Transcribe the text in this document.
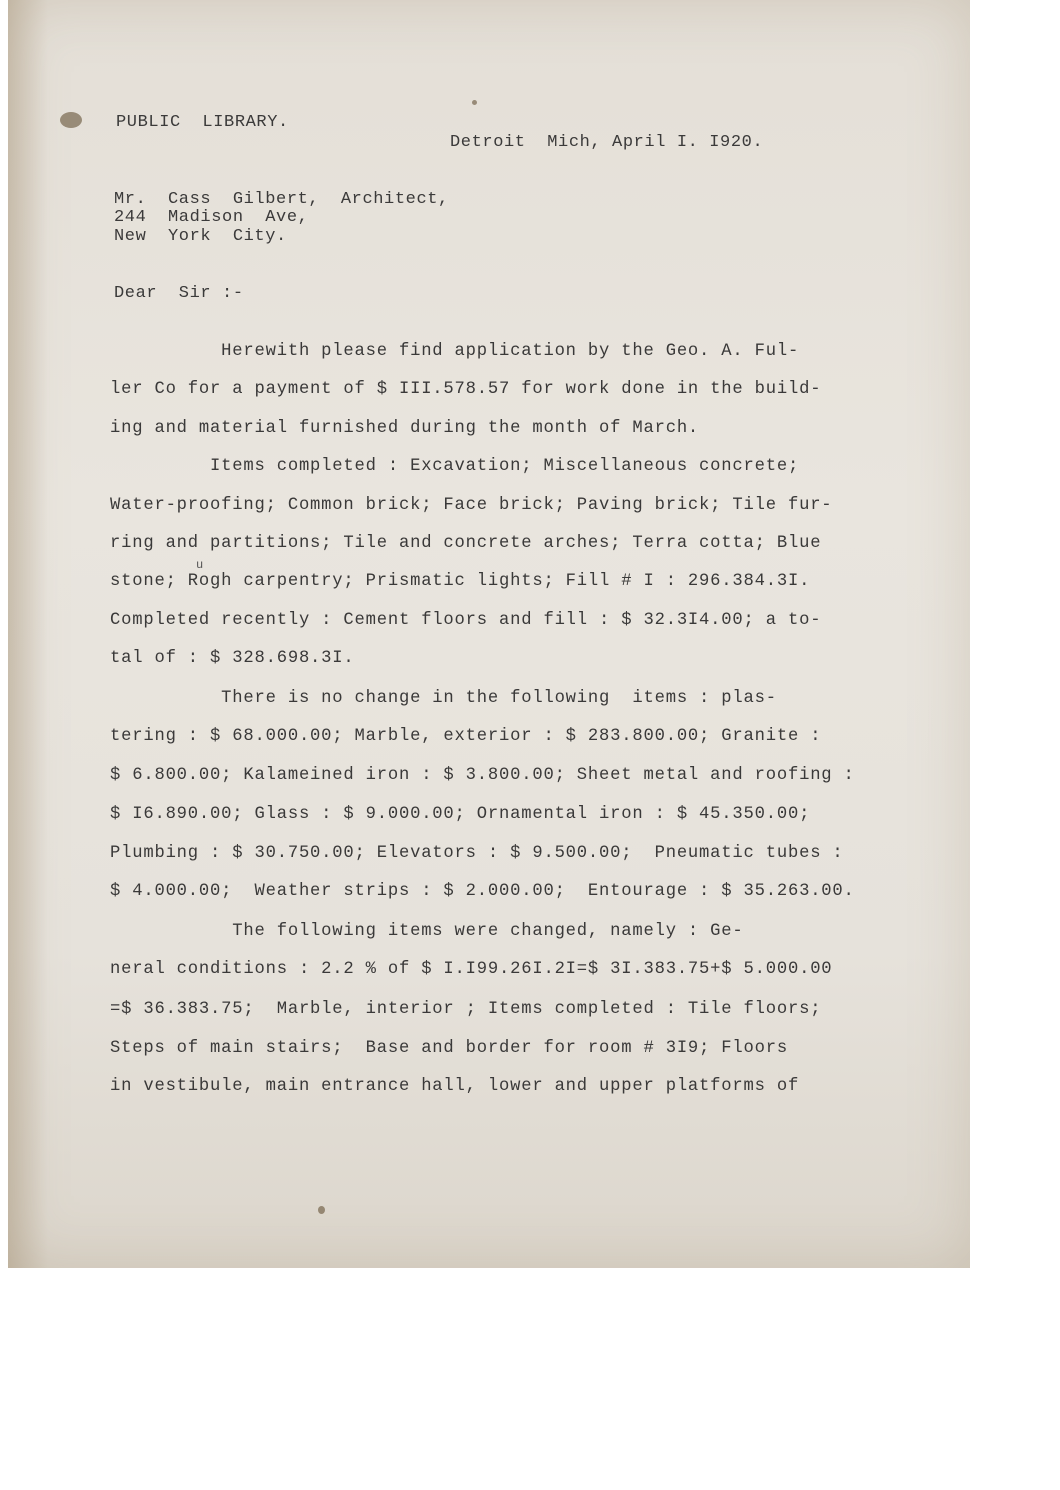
PUBLIC  LIBRARY.
Detroit  Mich, April I. I920.
Mr.  Cass  Gilbert,  Architect,
244  Madison  Ave,
New  York  City.
Dear  Sir :-
Herewith please find application by the Geo. A. Ful-
ler Co for a payment of $ III.578.57 for work done in the build-
ing and material furnished during the month of March.
Items completed : Excavation; Miscellaneous concrete;
Water-proofing; Common brick; Face brick; Paving brick; Tile fur-
ring and partitions; Tile and concrete arches; Terra cotta; Blue
stone; Rogh carpentry; Prismatic lights; Fill # I : 296.384.3I.
Completed recently : Cement floors and fill : $ 32.3I4.00; a to-
tal of : $ 328.698.3I.
There is no change in the following  items : plas-
tering : $ 68.000.00; Marble, exterior : $ 283.800.00; Granite :
$ 6.800.00; Kalameined iron : $ 3.800.00; Sheet metal and roofing :
$ I6.890.00; Glass : $ 9.000.00; Ornamental iron : $ 45.350.00;
Plumbing : $ 30.750.00; Elevators : $ 9.500.00;  Pneumatic tubes :
$ 4.000.00;  Weather strips : $ 2.000.00;  Entourage : $ 35.263.00.
The following items were changed, namely : Ge-
neral conditions : 2.2 % of $ I.I99.26I.2I=$ 3I.383.75+$ 5.000.00
=$ 36.383.75;  Marble, interior ; Items completed : Tile floors;
Steps of main stairs;  Base and border for room # 3I9; Floors
in vestibule, main entrance hall, lower and upper platforms of
u
